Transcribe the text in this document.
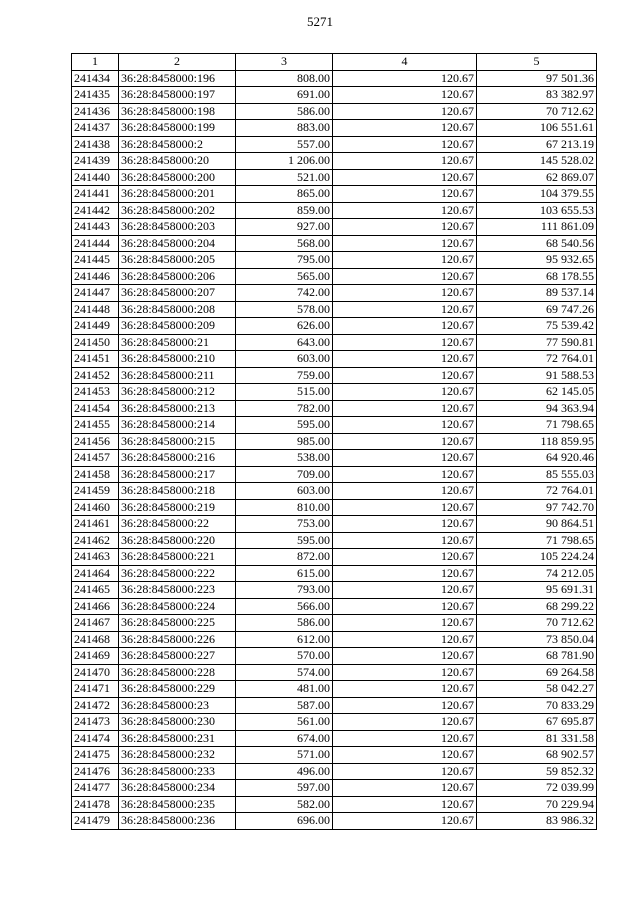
5271
1	2	3	4	5
241434	36:28:8458000:196	808.00	120.67	97 501.36
241435	36:28:8458000:197	691.00	120.67	83 382.97
241436	36:28:8458000:198	586.00	120.67	70 712.62
241437	36:28:8458000:199	883.00	120.67	106 551.61
241438	36:28:8458000:2	557.00	120.67	67 213.19
241439	36:28:8458000:20	1 206.00	120.67	145 528.02
241440	36:28:8458000:200	521.00	120.67	62 869.07
241441	36:28:8458000:201	865.00	120.67	104 379.55
241442	36:28:8458000:202	859.00	120.67	103 655.53
241443	36:28:8458000:203	927.00	120.67	111 861.09
241444	36:28:8458000:204	568.00	120.67	68 540.56
241445	36:28:8458000:205	795.00	120.67	95 932.65
241446	36:28:8458000:206	565.00	120.67	68 178.55
241447	36:28:8458000:207	742.00	120.67	89 537.14
241448	36:28:8458000:208	578.00	120.67	69 747.26
241449	36:28:8458000:209	626.00	120.67	75 539.42
241450	36:28:8458000:21	643.00	120.67	77 590.81
241451	36:28:8458000:210	603.00	120.67	72 764.01
241452	36:28:8458000:211	759.00	120.67	91 588.53
241453	36:28:8458000:212	515.00	120.67	62 145.05
241454	36:28:8458000:213	782.00	120.67	94 363.94
241455	36:28:8458000:214	595.00	120.67	71 798.65
241456	36:28:8458000:215	985.00	120.67	118 859.95
241457	36:28:8458000:216	538.00	120.67	64 920.46
241458	36:28:8458000:217	709.00	120.67	85 555.03
241459	36:28:8458000:218	603.00	120.67	72 764.01
241460	36:28:8458000:219	810.00	120.67	97 742.70
241461	36:28:8458000:22	753.00	120.67	90 864.51
241462	36:28:8458000:220	595.00	120.67	71 798.65
241463	36:28:8458000:221	872.00	120.67	105 224.24
241464	36:28:8458000:222	615.00	120.67	74 212.05
241465	36:28:8458000:223	793.00	120.67	95 691.31
241466	36:28:8458000:224	566.00	120.67	68 299.22
241467	36:28:8458000:225	586.00	120.67	70 712.62
241468	36:28:8458000:226	612.00	120.67	73 850.04
241469	36:28:8458000:227	570.00	120.67	68 781.90
241470	36:28:8458000:228	574.00	120.67	69 264.58
241471	36:28:8458000:229	481.00	120.67	58 042.27
241472	36:28:8458000:23	587.00	120.67	70 833.29
241473	36:28:8458000:230	561.00	120.67	67 695.87
241474	36:28:8458000:231	674.00	120.67	81 331.58
241475	36:28:8458000:232	571.00	120.67	68 902.57
241476	36:28:8458000:233	496.00	120.67	59 852.32
241477	36:28:8458000:234	597.00	120.67	72 039.99
241478	36:28:8458000:235	582.00	120.67	70 229.94
241479	36:28:8458000:236	696.00	120.67	83 986.32
